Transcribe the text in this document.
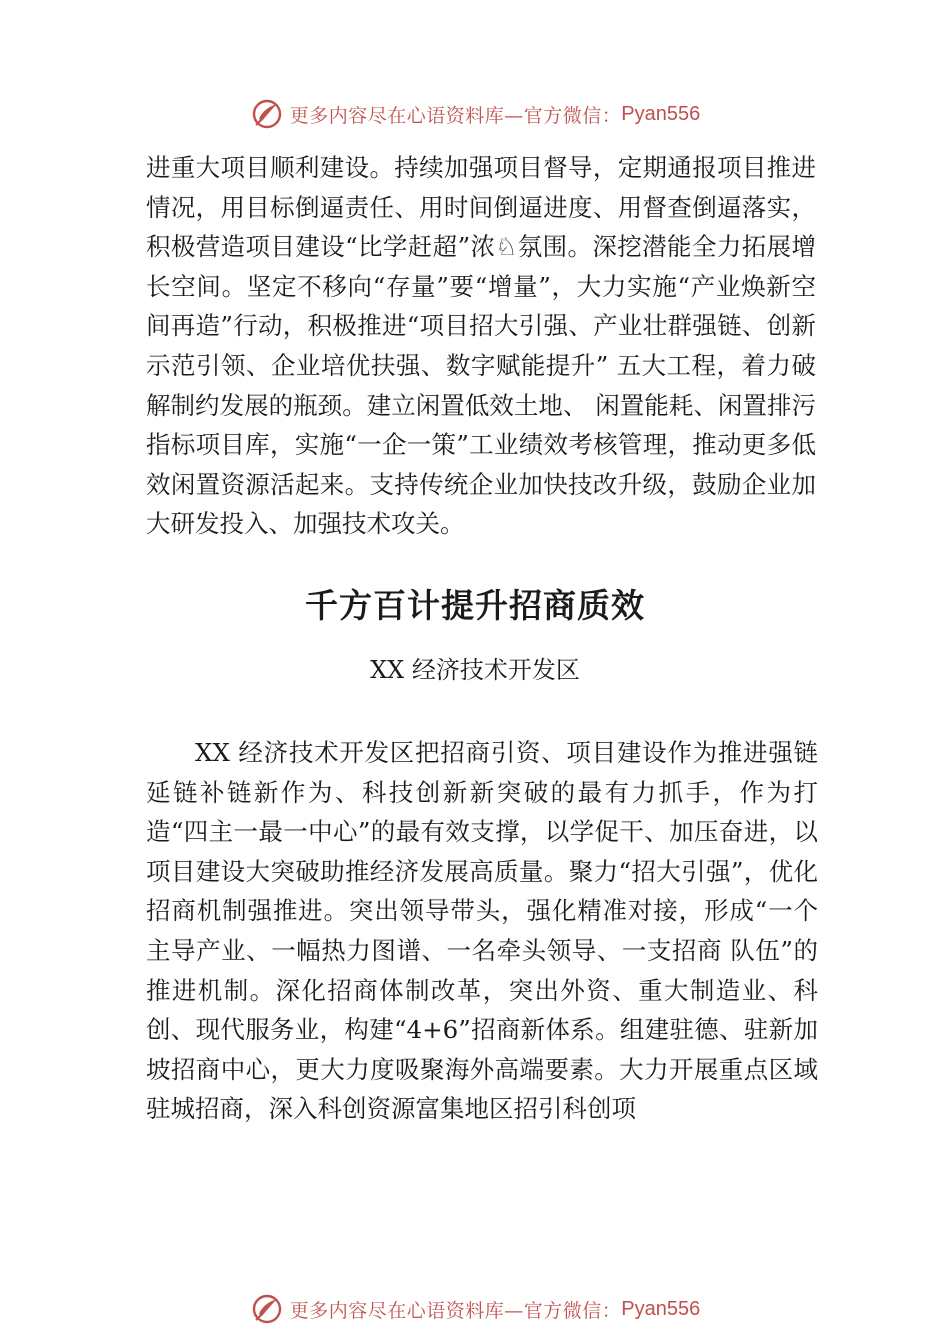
更多内容尽在心语资料库—官方微信： Pyan556

进重大项目顺利建设。持续加强项目督导，定期通报项目推进情况，用目标倒逼责任、用时间倒逼进度、用督查倒逼落实，积极营造项目建设“比学赶超”浓♘氛围。深挖潜能全力拓展增长空间。坚定不移向“存量”要“增量”，大力实施“产业焕新空间再造”行动，积极推进“项目招大引强、产业壮群强链、创新示范引领、企业培优扶强、数字赋能提升” 五大工程，着力破解制约发展的瓶颈。建立闲置低效土地、 闲置能耗、闲置排污指标项目库，实施“一企一策”工业绩效考核管理，推动更多低效闲置资源活起来。支持传统企业加快技改升级，鼓励企业加大研发投入、加强技术攻关。

千方百计提升招商质效

XX 经济技术开发区

XX 经济技术开发区把招商引资、项目建设作为推进强链延链补链新作为、科技创新新突破的最有力抓手，作为打造“四主一最一中心”的最有效支撑，以学促干、加压奋进，以项目建设大突破助推经济发展高质量。聚力“招大引强”，优化招商机制强推进。突出领导带头，强化精准对接，形成“一个主导产业、一幅热力图谱、一名牵头领导、一支招商 队伍”的推进机制。深化招商体制改革，突出外资、重大制造业、科创、现代服务业，构建“4+6”招商新体系。组建驻德、驻新加坡招商中心，更大力度吸聚海外高端要素。大力开展重点区域驻城招商，深入科创资源富集地区招引科创项

更多内容尽在心语资料库—官方微信： Pyan556
